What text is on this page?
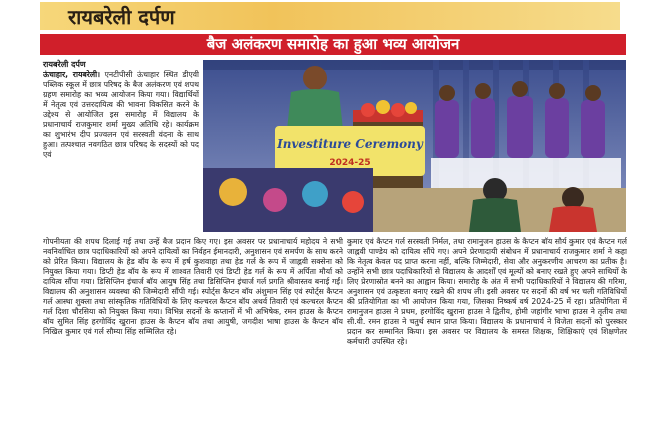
रायबरेली दर्पण
बैज अलंकरण समारोह का हुआ भव्य आयोजन
रायबरेली दर्पण

ऊंचाहार, रायबरेली। एनटीपीसी ऊंचाहार स्थित डीएवी पब्लिक स्कूल में छात्र परिषद के बैज अलंकरण एवं शपथ ग्रहण समारोह का भव्य आयोजन किया गया। विद्यार्थियों में नेतृत्व एवं उत्तरदायित्व की भावना विकसित करने के उद्देश्य से आयोजित इस समारोह में विद्यालय के प्रधानाचार्य राजकुमार शर्मा मुख्य अतिथि रहे। कार्यक्रम का शुभारंभ दीप प्रज्वलन एवं सरस्वती वंदना के साथ हुआ। तत्पश्चात नवगठित छात्र परिषद के सदस्यों को पद एवं

Investiture Ceremony
2024-25

गोपनीयता की शपथ दिलाई गई तथा उन्हें बैज प्रदान किए गए। इस अवसर पर प्रधानाचार्य महोदय ने सभी नवनिर्वाचित छात्र पदाधिकारियों को अपने दायित्वों का निर्वहन ईमानदारी, अनुशासन एवं समर्पण के साथ करने को प्रेरित किया। विद्यालय के हेड बॉय के रूप में हर्ष कुशवाहा तथा हेड गर्ल के रूप में जाह्नवी सक्सेना को नियुक्त किया गया। डिप्टी हेड बॉय के रूप में शाश्वत तिवारी एवं डिप्टी हेड गर्ल के रूप में अर्पिता मौर्या को दायित्व सौंपा गया। डिसिप्लिन इंचार्ज बॉय आयुष सिंह तथा डिसिप्लिन इंचार्ज गर्ल प्रगति श्रीवास्तव बनाई गईं। विद्यालय की अनुशासन व्यवस्था की जिम्मेदारी सौंपी गई। स्पोर्ट्स कैप्टन बॉय अंशुमान सिंह एवं स्पोर्ट्स कैप्टन गर्ल आस्था शुक्ला तथा सांस्कृतिक गतिविधियों के लिए कल्चरल कैप्टन बॉय अथर्व तिवारी एवं कल्चरल कैप्टन गर्ल दिशा चौरसिया को नियुक्त किया गया। विभिन्न सदनों के कप्तानों में भी अभिषेक, रमन हाउस के कैप्टन बॉय सुमित सिंह हरगोविंद खुराना हाउस के कैप्टन बॉय तथा आयुषी, जगदीश भाषा हाउस के कैप्टन बॉय निखिल कुमार एवं गर्ल सौम्या सिंह सम्मिलित रहे।

कुमार एवं कैप्टन गर्ल सरस्वती निर्मल, तथा रामानुजन हाउस के कैप्टन बॉय सौर्य कुमार एवं कैप्टन गर्ल जाह्नवी पाण्डेय को दायित्व सौंपे गए। अपने प्रेरणादायी संबोधन में प्रधानाचार्य राजकुमार शर्मा ने कहा कि नेतृत्व केवल पद प्राप्त करना नहीं, बल्कि जिम्मेदारी, सेवा और अनुकरणीय आचरण का प्रतीक है। उन्होंने सभी छात्र पदाधिकारियों से विद्यालय के आदर्शों एवं मूल्यों को बनाए रखते हुए अपने साथियों के लिए प्रेरणास्रोत बनने का आह्वान किया। समारोह के अंत में सभी पदाधिकारियों ने विद्यालय की गरिमा, अनुशासन एवं उत्कृष्टता बनाए रखने की शपथ ली। इसी अवसर पर सदनों की वर्ष भर चली गतिविधियों की प्रतियोगिता का भी आयोजन किया गया, जिसका निष्कर्ष वर्ष 2024-25 में रहा। प्रतियोगिता में रामानुजन हाउस ने प्रथम, हरगोविंद खुराना हाउस ने द्वितीय, होमी जहांगीर भाभा हाउस ने तृतीय तथा सी.वी. रमन हाउस ने चतुर्थ स्थान प्राप्त किया। विद्यालय के प्रधानाचार्य ने विजेता सदनों को पुरस्कार प्रदान कर सम्मानित किया। इस अवसर पर विद्यालय के समस्त शिक्षक, शिक्षिकाएं एवं शिक्षणेतर कर्मचारी उपस्थित रहे।
